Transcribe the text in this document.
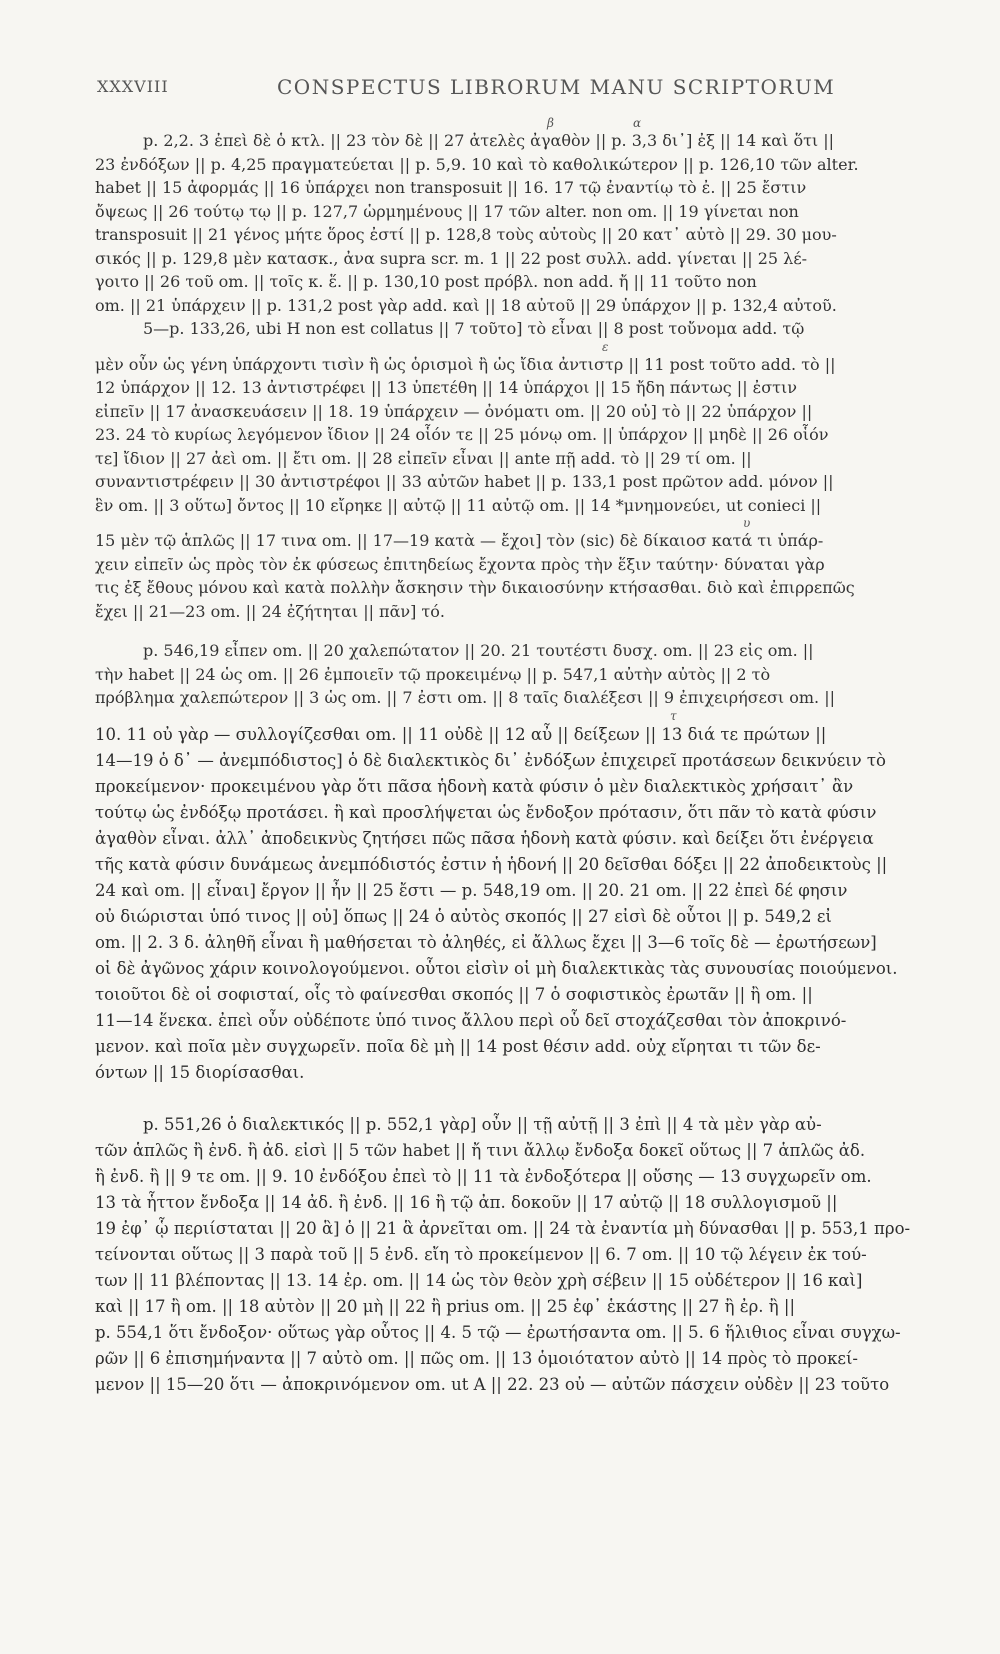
XXXVIII	CONSPECTUS LIBRORUM MANU SCRIPTORUM
β	α
p. 2,2. 3 ἐπεὶ δὲ ὁ κτλ. || 23 τὸν δὲ || 27 ἀτελὲς ἀγαθὸν || p. 3,3 δι᾽] ἐξ || 14 καὶ ὅτι ||
23 ἐνδόξων || p. 4,25 πραγματεύεται || p. 5,9. 10 καὶ τὸ καθολικώτερον || p. 126,10 τῶν alter.
habet || 15 ἀφορμάς || 16 ὑπάρχει non transposuit || 16. 17 τῷ ἐναντίῳ τὸ ἐ. || 25 ἔστιν
ὄψεως || 26 τούτῳ τῳ || p. 127,7 ὡρμημένους || 17 τῶν alter. non om. || 19 γίνεται non
transposuit || 21 γένος μήτε ὅρος ἐστί || p. 128,8 τοὺς αὐτοὺς || 20 κατ᾽ αὐτὸ || 29. 30 μου-
σικός || p. 129,8 μὲν κατασκ., ἀνα supra scr. m. 1 || 22 post συλλ. add. γίνεται || 25 λέ-
γοιτο || 26 τοῦ om. || τοῖς κ. ἕ. || p. 130,10 post πρόβλ. non add. ἤ || 11 τοῦτο non
om. || 21 ὑπάρχειν || p. 131,2 post γὰρ add. καὶ || 18 αὐτοῦ || 29 ὑπάρχον || p. 132,4 αὐτοῦ.
5—p. 133,26, ubi H non est collatus || 7 τοῦτο] τὸ εἶναι || 8 post τοὔνομα add. τῷ
ε
μὲν οὖν ὡς γένη ὑπάρχοντι τισὶν ἢ ὡς ὁρισμοὶ ἢ ὡς ἴδια ἀντιστρ || 11 post τοῦτο add. τὸ ||
12 ὑπάρχον || 12. 13 ἀντιστρέφει || 13 ὑπετέθη || 14 ὑπάρχοι || 15 ἤδη πάντως || ἐστιν
εἰπεῖν || 17 ἀνασκευάσειν || 18. 19 ὑπάρχειν — ὀνόματι om. || 20 οὐ] τὸ || 22 ὑπάρχον ||
23. 24 τὸ κυρίως λεγόμενον ἴδιον || 24 οἷόν τε || 25 μόνῳ om. || ὑπάρχον || μηδὲ || 26 οἷόν
τε] ἴδιον || 27 ἀεὶ om. || ἔτι om. || 28 εἰπεῖν εἶναι || ante πῇ add. τὸ || 29 τί om. ||
συναντιστρέφειν || 30 ἀντιστρέφοι || 33 αὐτῶν habet || p. 133,1 post πρῶτον add. μόνον ||
ἓν om. || 3 οὕτω] ὄντος || 10 εἴρηκε || αὐτῷ || 11 αὐτῷ om. || 14 *μνημονεύει, ut conieci ||
υ
15 μὲν τῷ ἁπλῶς || 17 τινα om. || 17—19 κατὰ — ἔχοι] τὸν (sic) δὲ δίκαιοσ κατά τι ὑπάρ-
χειν εἰπεῖν ὡς πρὸς τὸν ἐκ φύσεως ἐπιτηδείως ἔχοντα πρὸς τὴν ἕξιν ταύτην· δύναται γὰρ
τις ἐξ ἔθους μόνου καὶ κατὰ πολλὴν ἄσκησιν τὴν δικαιοσύνην κτήσασθαι. διὸ καὶ ἐπιρρεπῶς
ἔχει || 21—23 om. || 24 ἐζήτηται || πᾶν] τό.
p. 546,19 εἶπεν om. || 20 χαλεπώτατον || 20. 21 τουτέστι δυσχ. om. || 23 εἰς om. ||
τὴν habet || 24 ὡς om. || 26 ἐμποιεῖν τῷ προκειμένῳ || p. 547,1 αὐτὴν αὐτὸς || 2 τὸ
πρόβλημα χαλεπώτερον || 3 ὡς om. || 7 ἐστι om. || 8 ταῖς διαλέξεσι || 9 ἐπιχειρήσεσι om. ||
τ
10. 11 οὐ γὰρ — συλλογίζεσθαι om. || 11 οὐδὲ || 12 αὖ || δείξεων || 13 διά τε πρώτων ||
14—19 ὁ δ᾽ — ἀνεμπόδιστος] ὁ δὲ διαλεκτικὸς δι᾽ ἐνδόξων ἐπιχειρεῖ προτάσεων δεικνύειν τὸ
προκείμενον· προκειμένου γὰρ ὅτι πᾶσα ἡδονὴ κατὰ φύσιν ὁ μὲν διαλεκτικὸς χρήσαιτ᾽ ἂν
τούτῳ ὡς ἐνδόξῳ προτάσει. ἢ καὶ προσλήψεται ὡς ἔνδοξον πρότασιν, ὅτι πᾶν τὸ κατὰ φύσιν
ἀγαθὸν εἶναι. ἀλλ᾽ ἀποδεικνὺς ζητήσει πῶς πᾶσα ἡδονὴ κατὰ φύσιν. καὶ δείξει ὅτι ἐνέργεια
τῆς κατὰ φύσιν δυνάμεως ἀνεμπόδιστός ἐστιν ἡ ἡδονή || 20 δεῖσθαι δόξει || 22 ἀποδεικτοὺς ||
24 καὶ om. || εἶναι] ἔργον || ἦν || 25 ἔστι — p. 548,19 om. || 20. 21 om. || 22 ἐπεὶ δέ φησιν
οὐ διώρισται ὑπό τινος || οὐ] ὅπως || 24 ὁ αὐτὸς σκοπός || 27 εἰσὶ δὲ οὗτοι || p. 549,2 εἰ
om. || 2. 3 δ. ἀληθῆ εἶναι ἢ μαθήσεται τὸ ἀληθές, εἰ ἄλλως ἔχει || 3—6 τοῖς δὲ — ἐρωτήσεων]
οἱ δὲ ἀγῶνος χάριν κοινολογούμενοι. οὗτοι εἰσὶν οἱ μὴ διαλεκτικὰς τὰς συνουσίας ποιούμενοι.
τοιοῦτοι δὲ οἱ σοφισταί, οἷς τὸ φαίνεσθαι σκοπός || 7 ὁ σοφιστικὸς ἐρωτᾶν || ἢ om. ||
11—14 ἕνεκα. ἐπεὶ οὖν οὐδέποτε ὑπό τινος ἄλλου περὶ οὗ δεῖ στοχάζεσθαι τὸν ἀποκρινό-
μενον. καὶ ποῖα μὲν συγχωρεῖν. ποῖα δὲ μὴ || 14 post θέσιν add. οὐχ εἴρηται τι τῶν δε-
όντων || 15 διορίσασθαι.
p. 551,26 ὁ διαλεκτικός || p. 552,1 γὰρ] οὖν || τῇ αὐτῇ || 3 ἐπὶ || 4 τὰ μὲν γὰρ αὐ-
τῶν ἁπλῶς ἢ ἐνδ. ἢ ἀδ. εἰσὶ || 5 τῶν habet || ἤ τινι ἄλλῳ ἔνδοξα δοκεῖ οὕτως || 7 ἁπλῶς ἀδ.
ἢ ἐνδ. ἢ || 9 τε om. || 9. 10 ἐνδόξου ἐπεὶ τὸ || 11 τὰ ἐνδοξότερα || οὔσης — 13 συγχωρεῖν om.
13 τὰ ἧττον ἔνδοξα || 14 ἀδ. ἢ ἐνδ. || 16 ἢ τῷ ἀπ. δοκοῦν || 17 αὐτῷ || 18 συλλογισμοῦ ||
19 ἐφ᾽ ᾧ περιίσταται || 20 ἃ] ὁ || 21 ἃ ἀρνεῖται om. || 24 τὰ ἐναντία μὴ δύνασθαι || p. 553,1 προ-
τείνονται οὕτως || 3 παρὰ τοῦ || 5 ἐνδ. εἴη τὸ προκείμενον || 6. 7 om. || 10 τῷ λέγειν ἐκ τού-
των || 11 βλέποντας || 13. 14 ἐρ. om. || 14 ὡς τὸν θεὸν χρὴ σέβειν || 15 οὐδέτερον || 16 καὶ]
καὶ || 17 ἢ om. || 18 αὐτὸν || 20 μὴ || 22 ἢ prius om. || 25 ἐφ᾽ ἑκάστης || 27 ἢ ἐρ. ἢ ||
p. 554,1 ὅτι ἔνδοξον· οὕτως γὰρ οὗτος || 4. 5 τῷ — ἐρωτήσαντα om. || 5. 6 ἥλιθιος εἶναι συγχω-
ρῶν || 6 ἐπισημήναντα || 7 αὐτὸ om. || πῶς om. || 13 ὁμοιότατον αὐτὸ || 14 πρὸς τὸ προκεί-
μενον || 15—20 ὅτι — ἀποκρινόμενον om. ut A || 22. 23 οὐ — αὐτῶν πάσχειν οὐδὲν || 23 τοῦτο
